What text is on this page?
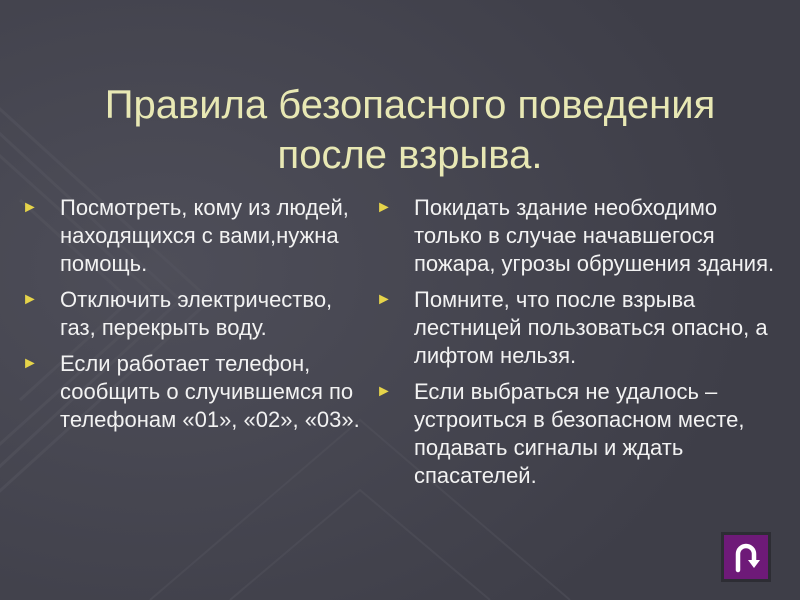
Правила безопасного поведения
после взрыва.
► Посмотреть, кому из людей, находящихся с вами,нужна помощь.
► Отключить электричество, газ, перекрыть воду.
► Если работает телефон, сообщить о случившемся по телефонам «01», «02», «03».
► Покидать здание необходимо только в случае начавшегося пожара, угрозы обрушения здания.
► Помните, что после взрыва лестницей пользоваться опасно, а лифтом нельзя.
► Если выбраться не удалось – устроиться в безопасном месте, подавать сигналы и ждать спасателей.
